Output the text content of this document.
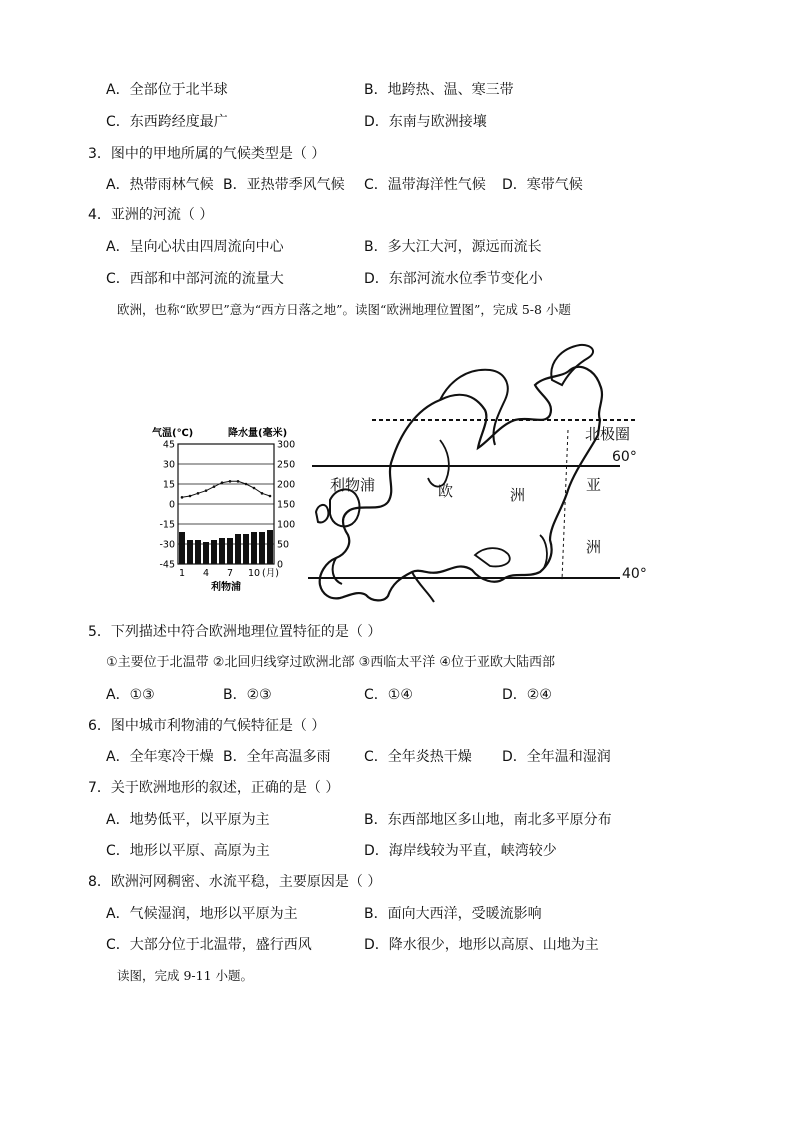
A．全部位于北半球	B．地跨热、温、寒三带
C．东西跨经度最广	D．东南与欧洲接壤
3．图中的甲地所属的气候类型是（ ）
A．热带雨林气候 B．亚热带季风气候 C．温带海洋性气候 D．寒带气候
4．亚洲的河流（ ）
A．呈向心状由四周流向中心	B．多大江大河，源远而流长
C．西部和中部河流的流量大	D．东部河流水位季节变化小
欧洲，也称“欧罗巴”意为“西方日落之地”。读图“欧洲地理位置图”，完成 5-8 小题
气温(℃)	降水量(毫米)
45
30
15
0
-15
-30
-45
300
250
200
150
100
50
0
1 4 7 10 (月)
利物浦
利物浦	欧	洲
亚
洲
北极圈
60°
40°
5．下列描述中符合欧洲地理位置特征的是（ ）
①主要位于北温带 ②北回归线穿过欧洲北部 ③西临太平洋 ④位于亚欧大陆西部
A．①③	B．②③	C．①④	D．②④
6．图中城市利物浦的气候特征是（ ）
A．全年寒冷干燥 B．全年高温多雨 C．全年炎热干燥 D．全年温和湿润
7．关于欧洲地形的叙述，正确的是（ ）
A．地势低平，以平原为主	B．东西部地区多山地，南北多平原分布
C．地形以平原、高原为主	D．海岸线较为平直，峡湾较少
8．欧洲河网稠密、水流平稳，主要原因是（ ）
A．气候湿润，地形以平原为主	B．面向大西洋，受暖流影响
C．大部分位于北温带，盛行西风	D．降水很少，地形以高原、山地为主
读图，完成 9-11 小题。
